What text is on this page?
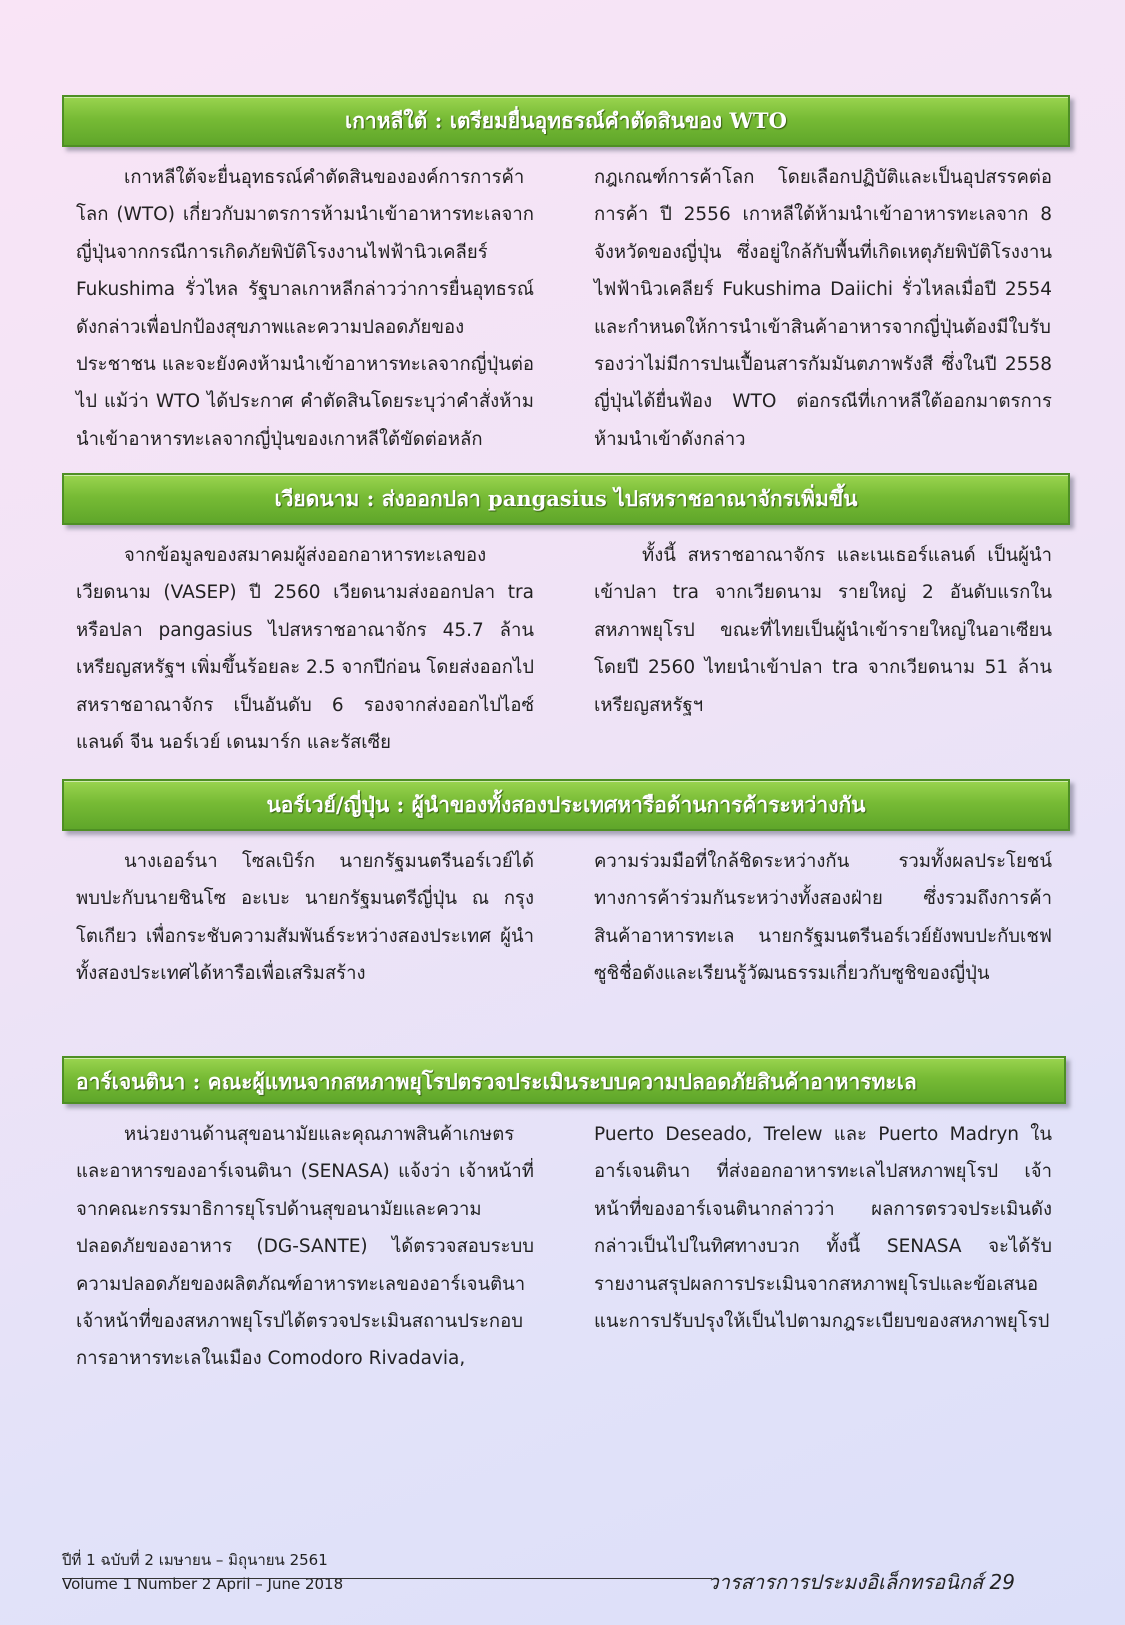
เกาหลีใต้ : เตรียมยื่นอุทธรณ์คำตัดสินของ WTO

เกาหลีใต้จะยื่นอุทธรณ์คำตัดสินขององค์การการค้าโลก (WTO) เกี่ยวกับมาตรการห้ามนำเข้าอาหารทะเลจากญี่ปุ่นจากกรณีการเกิดภัยพิบัติโรงงานไฟฟ้านิวเคลียร์ Fukushima รั่วไหล รัฐบาลเกาหลีกล่าวว่าการยื่นอุทธรณ์ดังกล่าวเพื่อปกป้องสุขภาพและความปลอดภัยของประชาชน และจะยังคงห้ามนำเข้าอาหารทะเลจากญี่ปุ่นต่อไป แม้ว่า WTO ได้ประกาศ คำตัดสินโดยระบุว่าคำสั่งห้ามนำเข้าอาหารทะเลจากญี่ปุ่นของเกาหลีใต้ขัดต่อหลัก

กฎเกณฑ์การค้าโลก โดยเลือกปฏิบัติและเป็นอุปสรรคต่อการค้า ปี 2556 เกาหลีใต้ห้ามนำเข้าอาหารทะเลจาก 8 จังหวัดของญี่ปุ่น ซึ่งอยู่ใกล้กับพื้นที่เกิดเหตุภัยพิบัติโรงงานไฟฟ้านิวเคลียร์ Fukushima Daiichi รั่วไหลเมื่อปี 2554 และกำหนดให้การนำเข้าสินค้าอาหารจากญี่ปุ่นต้องมีใบรับรองว่าไม่มีการปนเปื้อนสารกัมมันตภาพรังสี ซึ่งในปี 2558 ญี่ปุ่นได้ยื่นฟ้อง WTO ต่อกรณีที่เกาหลีใต้ออกมาตรการห้ามนำเข้าดังกล่าว

เวียดนาม : ส่งออกปลา pangasius ไปสหราชอาณาจักรเพิ่มขึ้น

จากข้อมูลของสมาคมผู้ส่งออกอาหารทะเลของเวียดนาม (VASEP) ปี 2560 เวียดนามส่งออกปลา tra หรือปลา pangasius ไปสหราชอาณาจักร 45.7 ล้านเหรียญสหรัฐฯ เพิ่มขึ้นร้อยละ 2.5 จากปีก่อน โดยส่งออกไปสหราชอาณาจักร เป็นอันดับ 6 รองจากส่งออกไปไอซ์แลนด์ จีน นอร์เวย์ เดนมาร์ก และรัสเซีย

ทั้งนี้ สหราชอาณาจักร และเนเธอร์แลนด์ เป็นผู้นำเข้าปลา tra จากเวียดนาม รายใหญ่ 2 อันดับแรกในสหภาพยุโรป ขณะที่ไทยเป็นผู้นำเข้ารายใหญ่ในอาเซียน โดยปี 2560 ไทยนำเข้าปลา tra จากเวียดนาม 51 ล้านเหรียญสหรัฐฯ

นอร์เวย์/ญี่ปุ่น : ผู้นำของทั้งสองประเทศหารือด้านการค้าระหว่างกัน

นางเออร์นา โซลเบิร์ก นายกรัฐมนตรีนอร์เวย์ได้พบปะกับนายชินโซ อะเบะ นายกรัฐมนตรีญี่ปุ่น ณ กรุงโตเกียว เพื่อกระชับความสัมพันธ์ระหว่างสองประเทศ ผู้นำทั้งสองประเทศได้หารือเพื่อเสริมสร้าง

ความร่วมมือที่ใกล้ชิดระหว่างกัน รวมทั้งผลประโยชน์ทางการค้าร่วมกันระหว่างทั้งสองฝ่าย ซึ่งรวมถึงการค้าสินค้าอาหารทะเล นายกรัฐมนตรีนอร์เวย์ยังพบปะกับเชฟซูชิชื่อดังและเรียนรู้วัฒนธรรมเกี่ยวกับซูชิของญี่ปุ่น

อาร์เจนตินา : คณะผู้แทนจากสหภาพยุโรปตรวจประเมินระบบความปลอดภัยสินค้าอาหารทะเล

หน่วยงานด้านสุขอนามัยและคุณภาพสินค้าเกษตรและอาหารของอาร์เจนตินา (SENASA) แจ้งว่า เจ้าหน้าที่จากคณะกรรมาธิการยุโรปด้านสุขอนามัยและความปลอดภัยของอาหาร (DG-SANTE) ได้ตรวจสอบระบบความปลอดภัยของผลิตภัณฑ์อาหารทะเลของอาร์เจนตินา เจ้าหน้าที่ของสหภาพยุโรปได้ตรวจประเมินสถานประกอบการอาหารทะเลในเมือง Comodoro Rivadavia,

Puerto Deseado, Trelew และ Puerto Madryn ในอาร์เจนตินา ที่ส่งออกอาหารทะเลไปสหภาพยุโรป เจ้าหน้าที่ของอาร์เจนตินากล่าวว่า ผลการตรวจประเมินดังกล่าวเป็นไปในทิศทางบวก ทั้งนี้ SENASA จะได้รับรายงานสรุปผลการประเมินจากสหภาพยุโรปและข้อเสนอแนะการปรับปรุงให้เป็นไปตามกฎระเบียบของสหภาพยุโรป

ปีที่ 1 ฉบับที่ 2 เมษายน – มิถุนายน 2561
Volume 1 Number 2 April – June 2018	วารสารการประมงอิเล็กทรอนิกส์ 29
